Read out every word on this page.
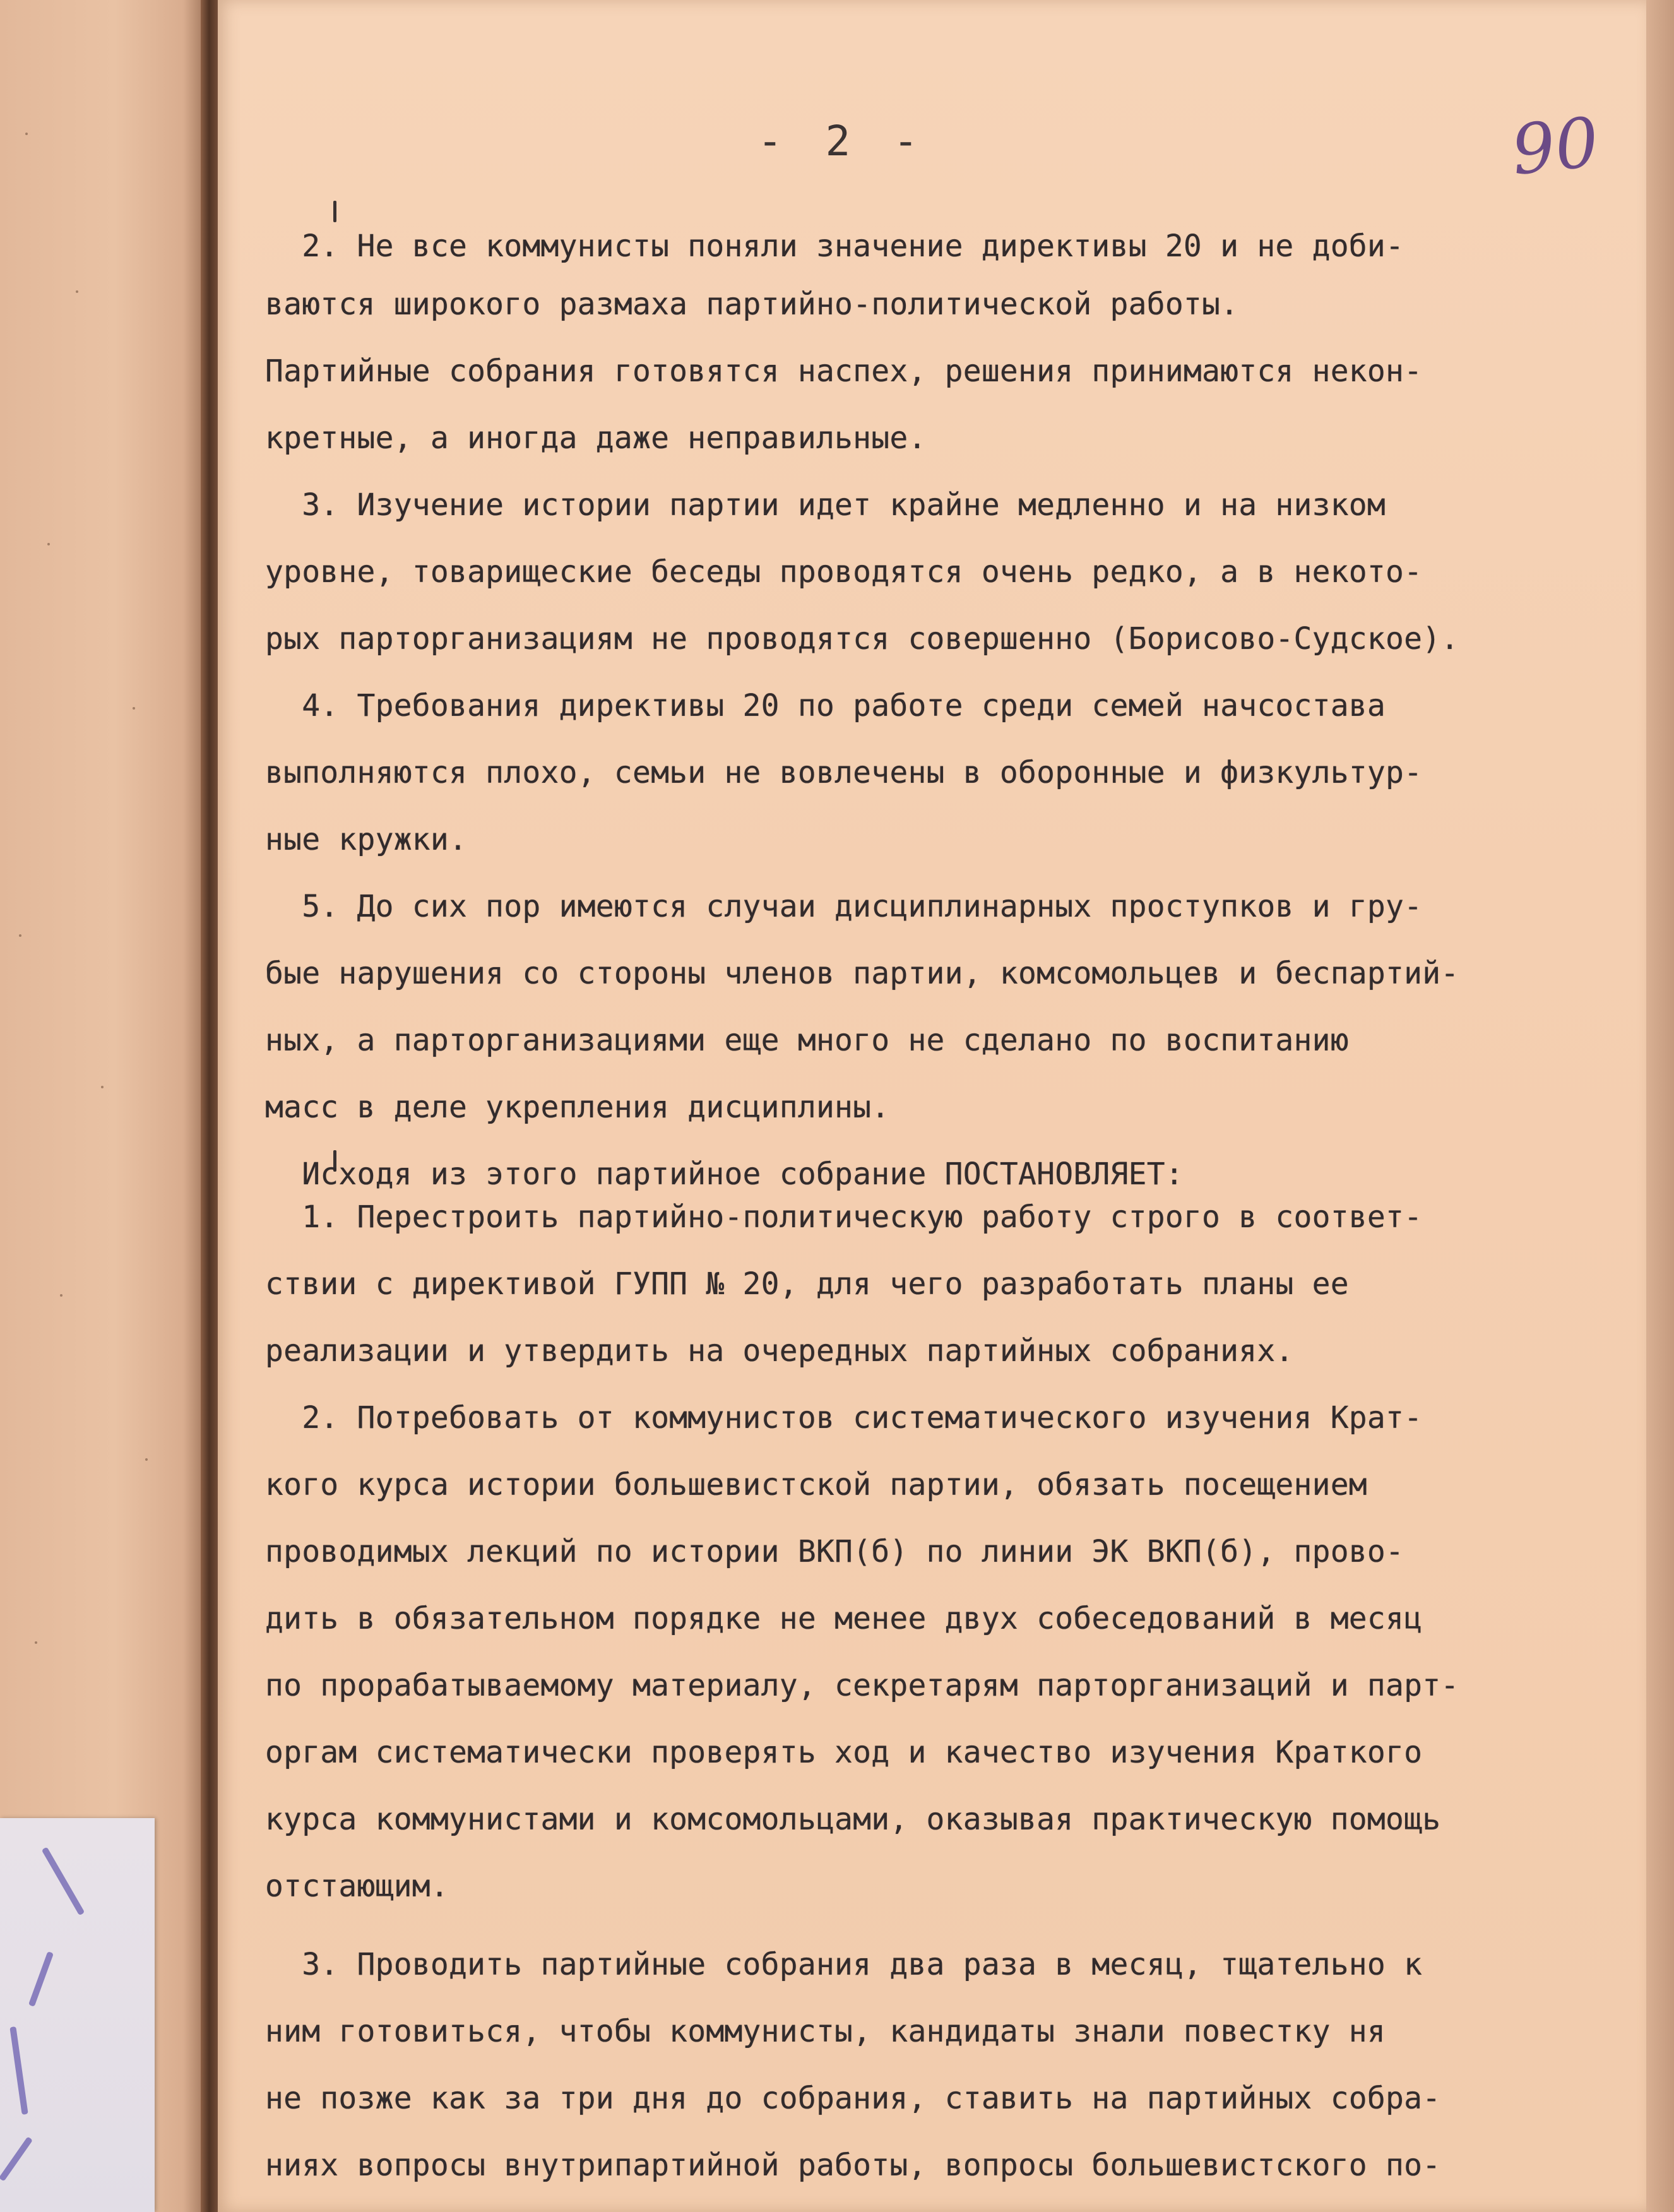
- 2 -	90
2. Не все коммунисты поняли значение директивы 20 и не доби-
ваются широкого размаха партийно-политической работы.
Партийные собрания готовятся наспех, решения принимаются некон-
кретные, а иногда даже неправильные.
3. Изучение истории партии идет крайне медленно и на низком
уровне, товарищеские беседы проводятся очень редко, а в некото-
рых парторганизациям не проводятся совершенно (Борисово-Судское).
4. Требования директивы 20 по работе среди семей начсостава
выполняются плохо, семьи не вовлечены в оборонные и физкультур-
ные кружки.
5. До сих пор имеются случаи дисциплинарных проступков и гру-
бые нарушения со стороны членов партии, комсомольцев и беспартий-
ных, а парторганизациями еще много не сделано по воспитанию
масс в деле укрепления дисциплины.
Исходя из этого партийное собрание ПОСТАНОВЛЯЕТ:
1. Перестроить партийно-политическую работу строго в соответ-
ствии с директивой ГУПП № 20, для чего разработать планы ее
реализации и утвердить на очередных партийных собраниях.
2. Потребовать от коммунистов систематического изучения Крат-
кого курса истории большевистской партии, обязать посещением
проводимых лекций по истории ВКП(б) по линии ЭК ВКП(б), прово-
дить в обязательном порядке не менее двух собеседований в месяц
по прорабатываемому материалу, секретарям парторганизаций и парт-
оргам систематически проверять ход и качество изучения Краткого
курса коммунистами и комсомольцами, оказывая практическую помощь
отстающим.
3. Проводить партийные собрания два раза в месяц, тщательно к
ним готовиться, чтобы коммунисты, кандидаты знали повестку ня
не позже как за три дня до собрания, ставить на партийных собра-
ниях вопросы внутрипартийной работы, вопросы большевистского по-
